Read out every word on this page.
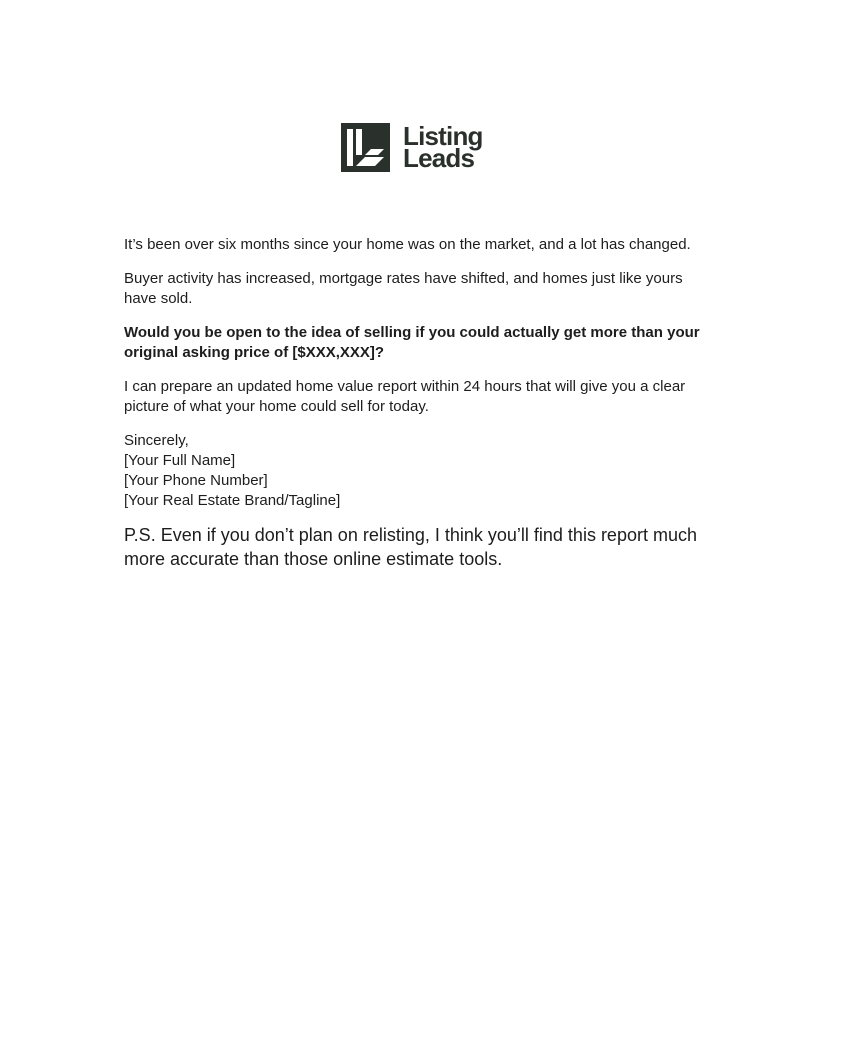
Listing
Leads

It’s been over six months since your home was on the market, and a lot has changed.

Buyer activity has increased, mortgage rates have shifted, and homes just like yours have sold.

Would you be open to the idea of selling if you could actually get more than your original asking price of [$XXX,XXX]?

I can prepare an updated home value report within 24 hours that will give you a clear picture of what your home could sell for today.

Sincerely,
[Your Full Name]
[Your Phone Number]
[Your Real Estate Brand/Tagline]

P.S. Even if you don’t plan on relisting, I think you’ll find this report much more accurate than those online estimate tools.
